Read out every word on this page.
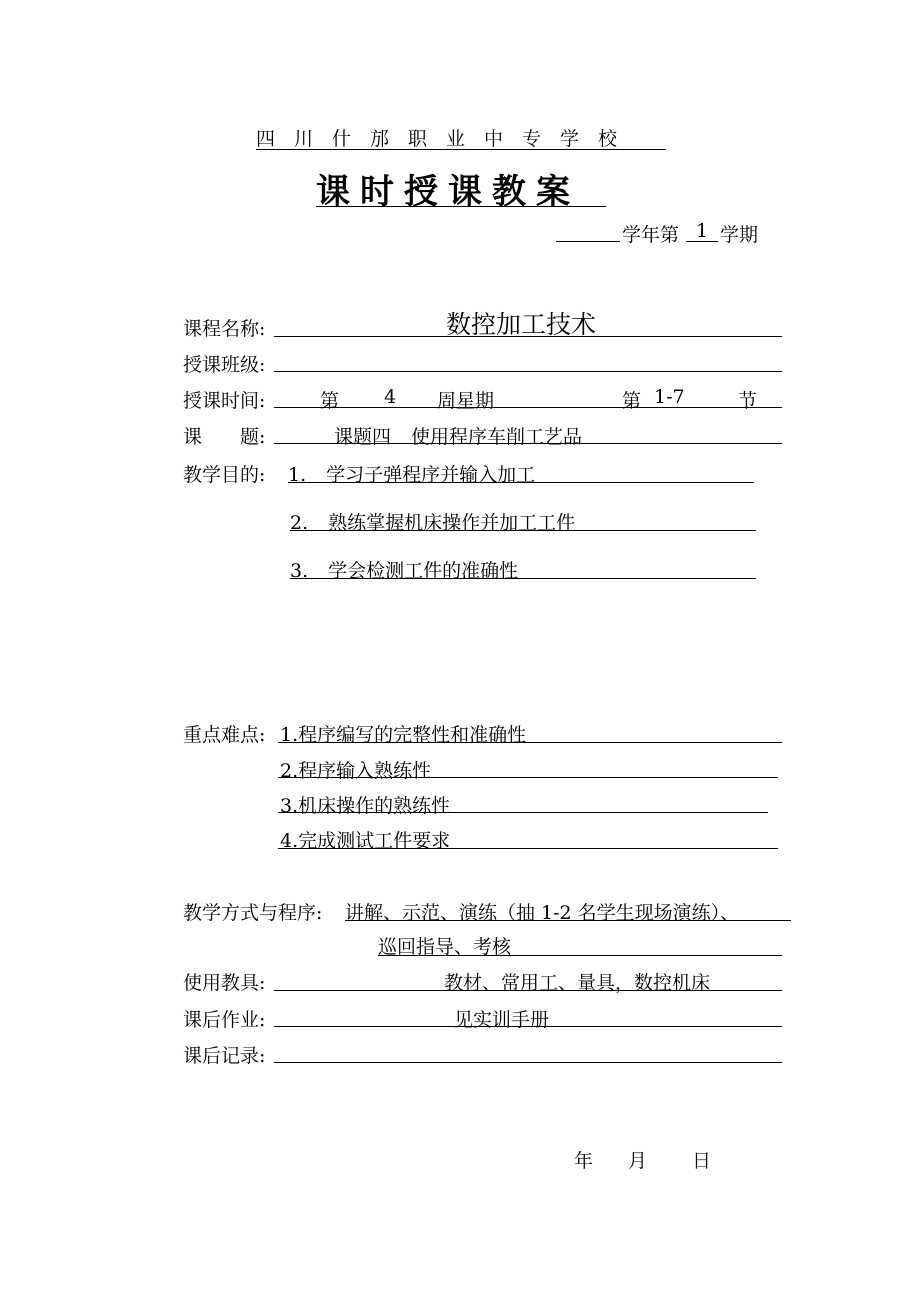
四川什邡职业中专学校
课时授课教案
学年第 1 学期
课程名称:	数控加工技术
授课班级:
授课时间:	第 4 周星期	第 1-7	节
课 题:	课题四 使用程序车削工艺品
教学目的: 1. 学习子弹程序并输入加工
2. 熟练掌握机床操作并加工工件
3. 学会检测工件的准确性
重点难点: 1.程序编写的完整性和准确性
2.程序输入熟练性
3.机床操作的熟练性
4.完成测试工件要求
教学方式与程序: 讲解、示范、演练（抽 1-2 名学生现场演练）、
巡回指导、考核
使用教具:	教材、常用工、量具，数控机床
课后作业:	见实训手册
课后记录:
年 月 日
